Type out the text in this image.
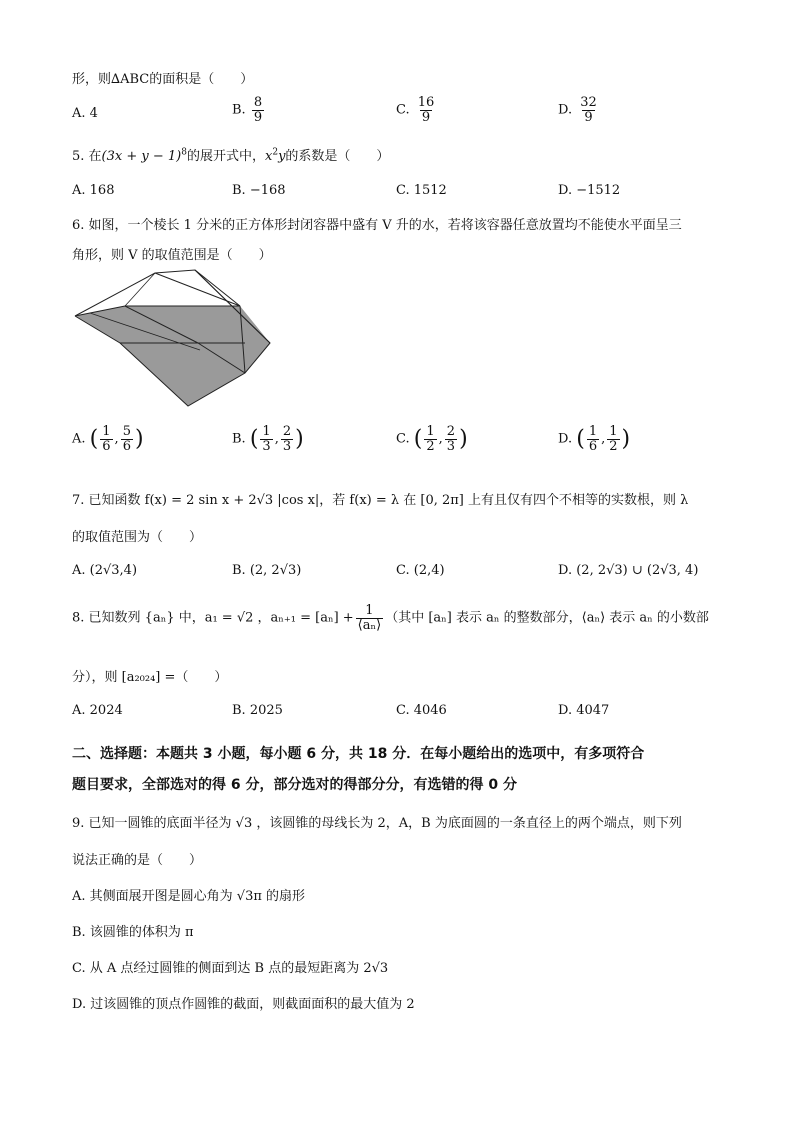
形，则∆ABC的面积是（　　）
A. 4	B. $\frac{8}{9}$	C. $\frac{16}{9}$	D. $\frac{32}{9}$
5. 在$(3x + y - 1)^8$的展开式中，$x^2y$的系数是（　　）
A. 168	B. −168	C. 1512	D. −1512
6. 如图，一个棱长 1 分米的正方体形封闭容器中盛有 V 升的水，若将该容器任意放置均不能使水平面呈三
角形，则 V 的取值范围是（　　）
A. ( $\frac{1}{6}$ , $\frac{5}{6}$ )	B. ( $\frac{1}{3}$ , $\frac{2}{3}$ )	C. ( $\frac{1}{2}$ , $\frac{2}{3}$ )	D. ( $\frac{1}{6}$ , $\frac{1}{2}$ )
7. 已知函数 f(x) = 2 sin x + 2√3 |cos x|，若 f(x) = λ 在 [0, 2π] 上有且仅有四个不相等的实数根，则 λ
的取值范围为（　　）
A. (2√3,4)	B. (2, 2√3)	C. (2,4)	D. (2, 2√3) ∪ (2√3, 4)
8. 已知数列 {aₙ} 中，a₁ = √2 ，$a_{n+1} = [a_n] + \frac{1}{\text{⟨aₙ⟩}}$ （其中 [aₙ] 表示 aₙ 的整数部分，⟨aₙ⟩ 表示 aₙ 的小数部
分），则 [a₂₀₂₄] =（　　）
A. 2024	B. 2025	C. 4046	D. 4047
二、选择题：本题共 3 小题，每小题 6 分，共 18 分．在每小题给出的选项中，有多项符合
题目要求，全部选对的得 6 分，部分选对的得部分分，有选错的得 0 分
9. 已知一圆锥的底面半径为 √3 ，该圆锥的母线长为 2，A，B 为底面圆的一条直径上的两个端点，则下列
说法正确的是（　　）
A. 其侧面展开图是圆心角为 √3π 的扇形
B. 该圆锥的体积为 π
C. 从 A 点经过圆锥的侧面到达 B 点的最短距离为 2√3
D. 过该圆锥的顶点作圆锥的截面，则截面面积的最大值为 2
